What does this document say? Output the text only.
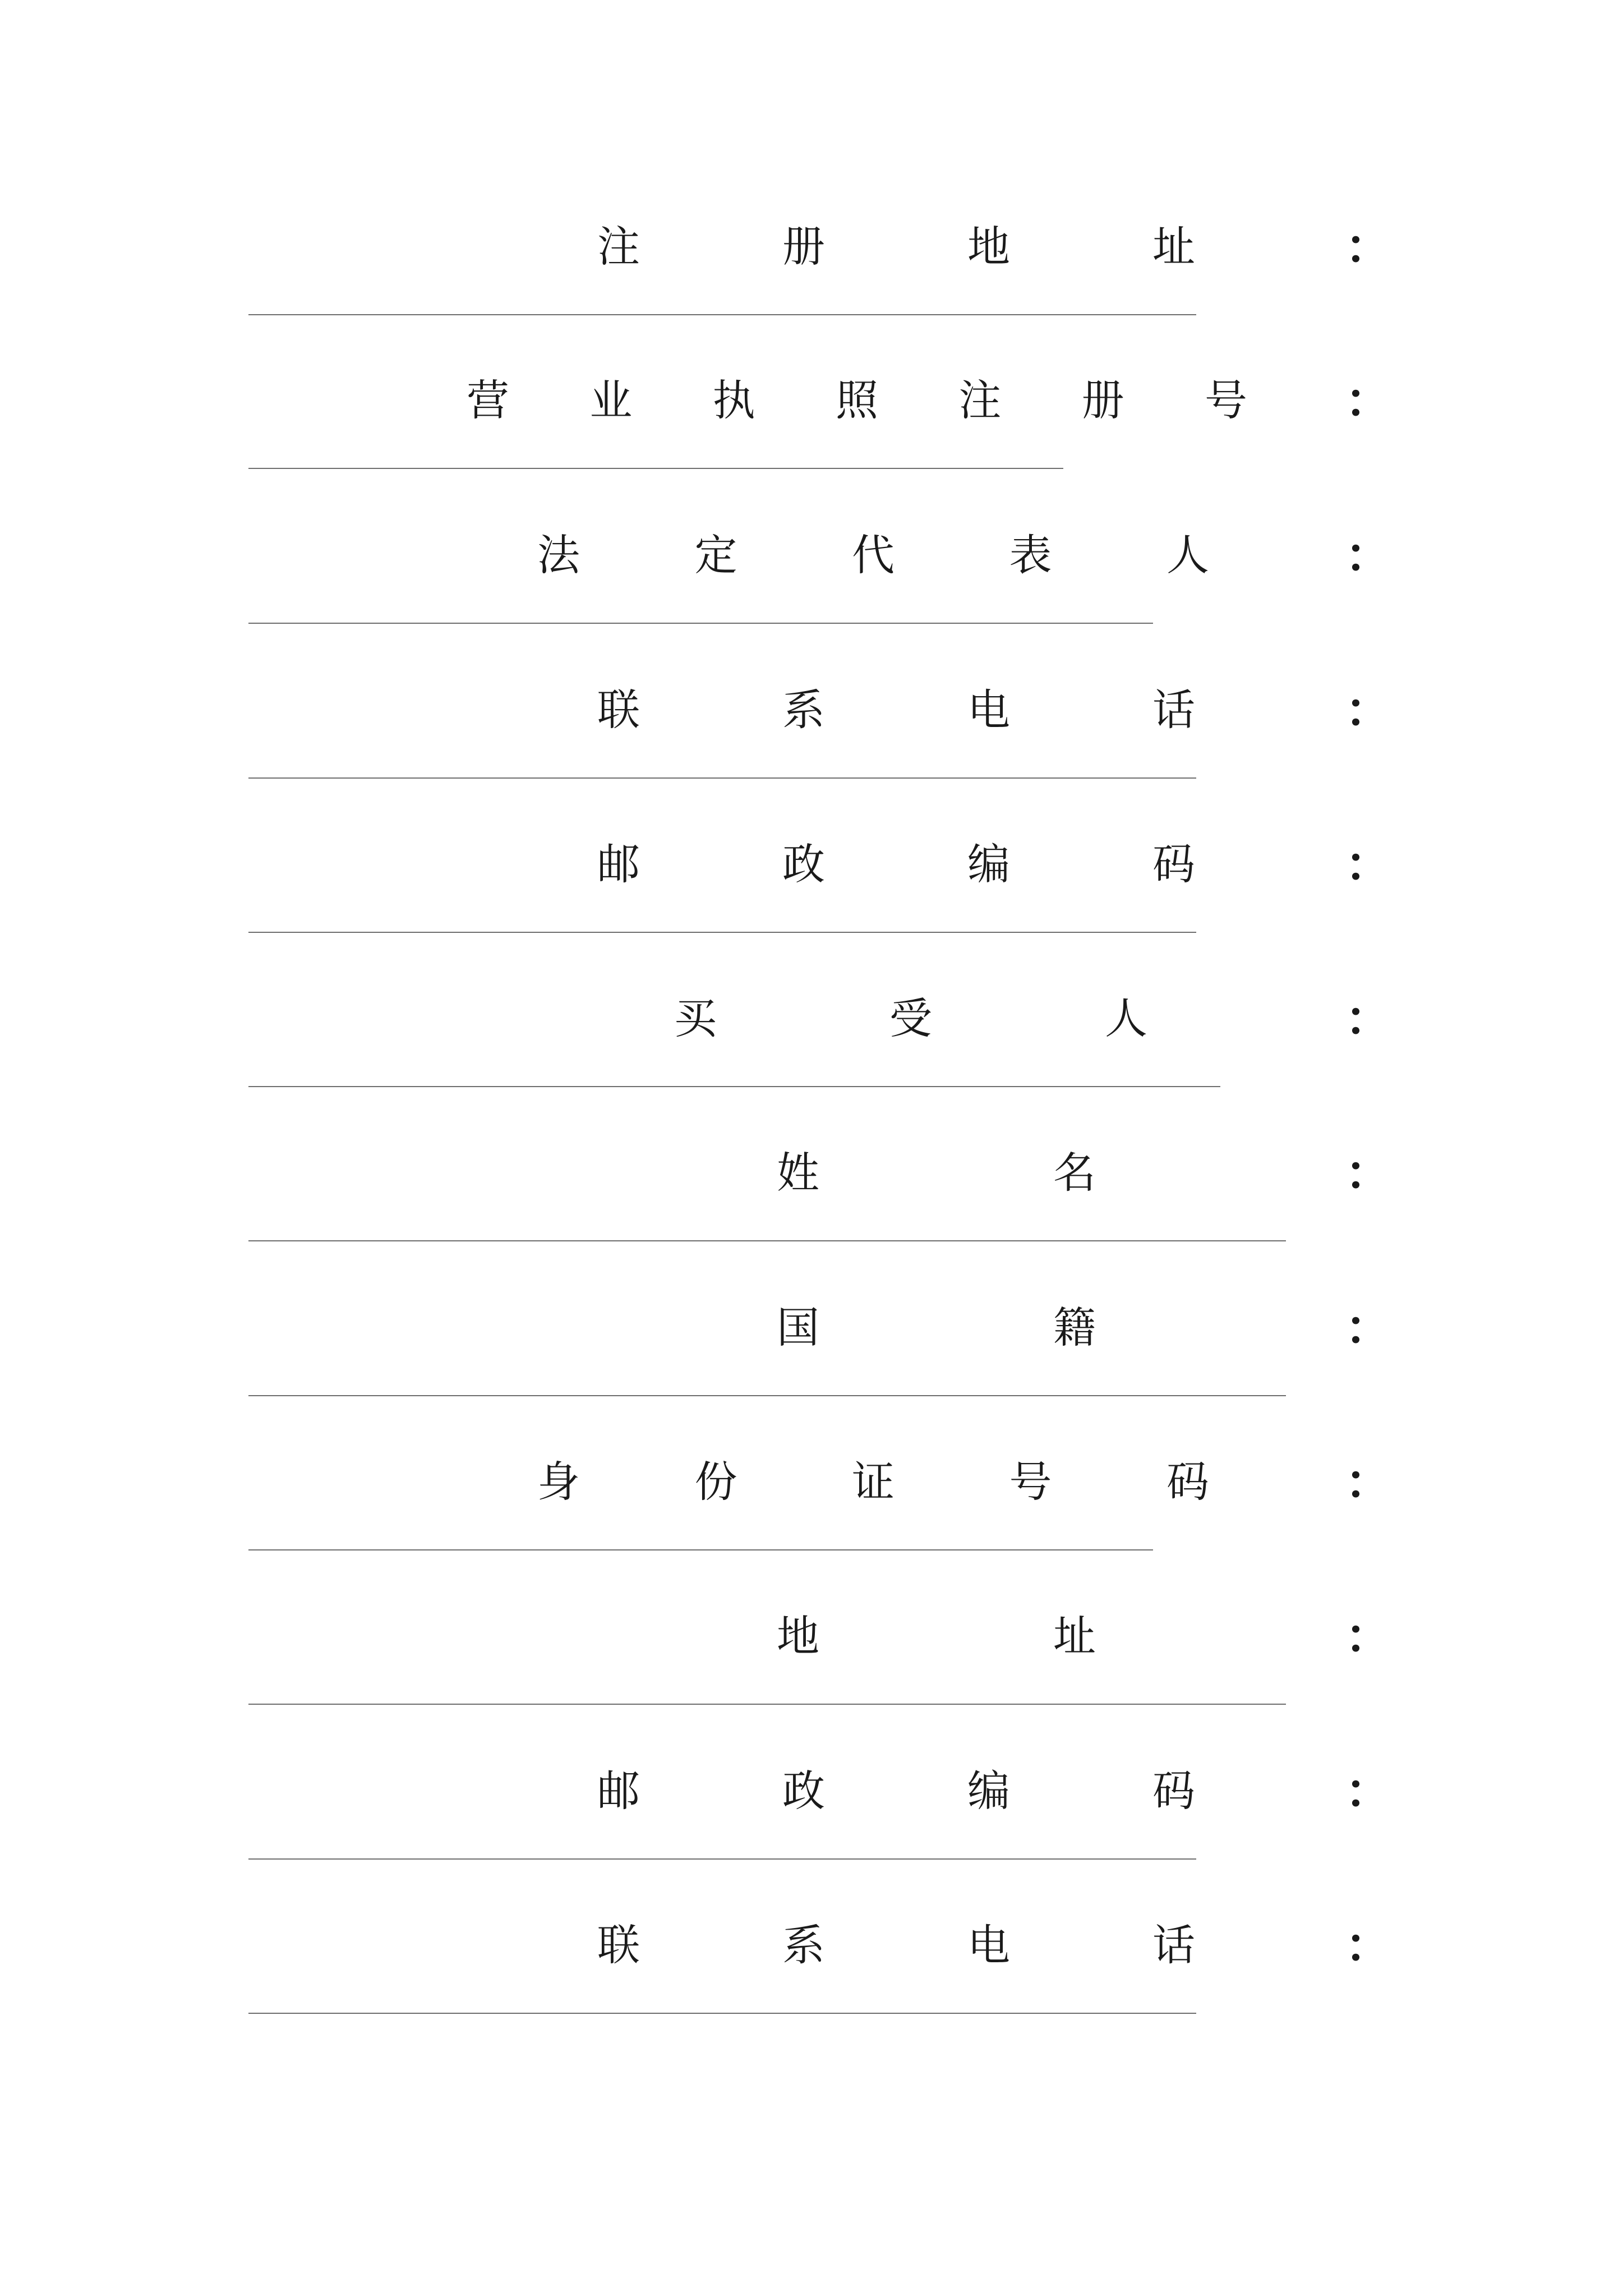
注	册	地	址	：
营 业 执 照 注 册 号 ：
法	定	代	表	人	：
联	系	电	话	：
邮	政	编	码	：
买	受	人	：
姓	名	：
国	籍	：
身	份	证	号	码	：
地	址	：
邮	政	编	码	：
联	系	电	话	：
